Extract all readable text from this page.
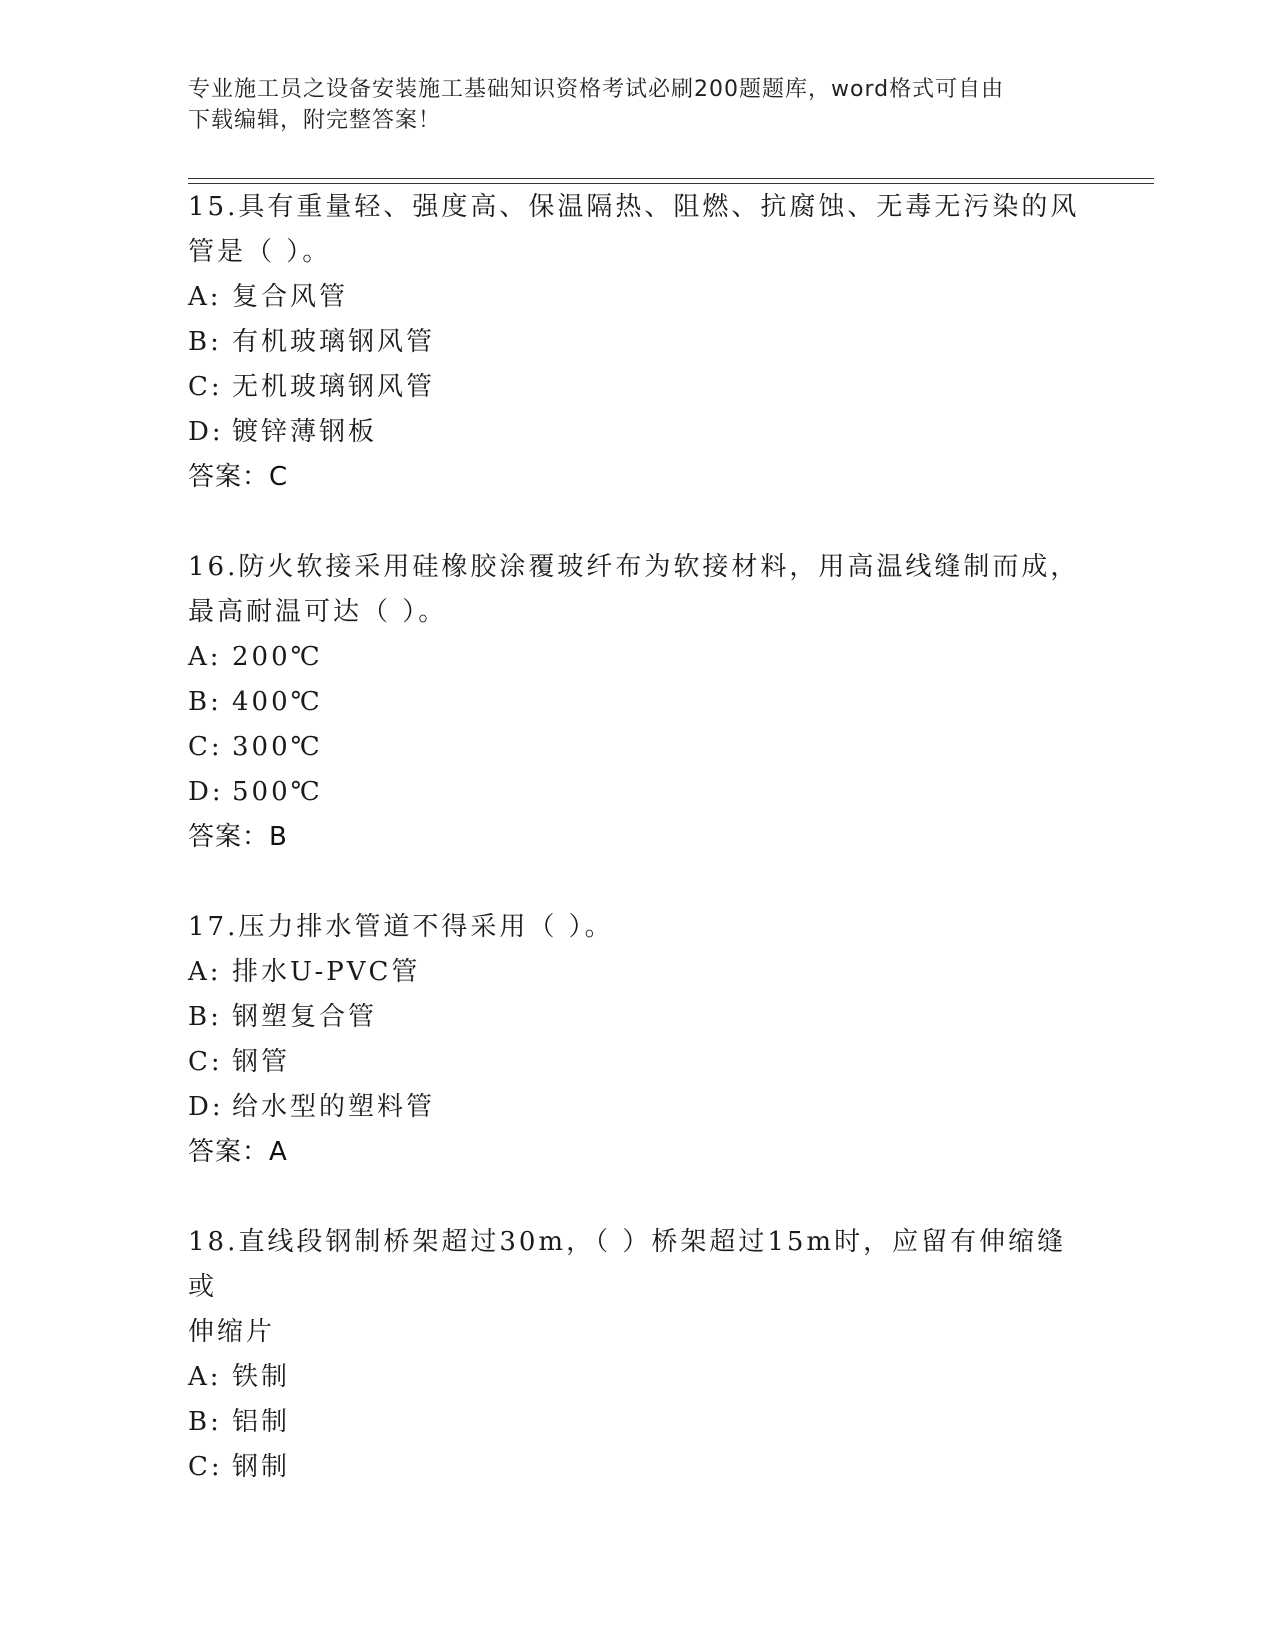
专业施工员之设备安装施工基础知识资格考试必刷200题题库，word格式可自由
下载编辑，附完整答案！

15.具有重量轻、强度高、保温隔热、阻燃、抗腐蚀、无毒无污染的风
管是（ ）。

A: 复合风管

B: 有机玻璃钢风管

C: 无机玻璃钢风管

D: 镀锌薄钢板

答案：C

16.防火软接采用硅橡胶涂覆玻纤布为软接材料，用高温线缝制而成，
最高耐温可达（ ）。

A: 200℃

B: 400℃

C: 300℃

D: 500℃

答案：B

17.压力排水管道不得采用（ ）。

A: 排水U-PVC管

B: 钢塑复合管

C: 钢管

D: 给水型的塑料管

答案：A

18.直线段钢制桥架超过30m，（ ）桥架超过15m时，应留有伸缩缝或
伸缩片

A: 铁制

B: 铝制

C: 钢制
